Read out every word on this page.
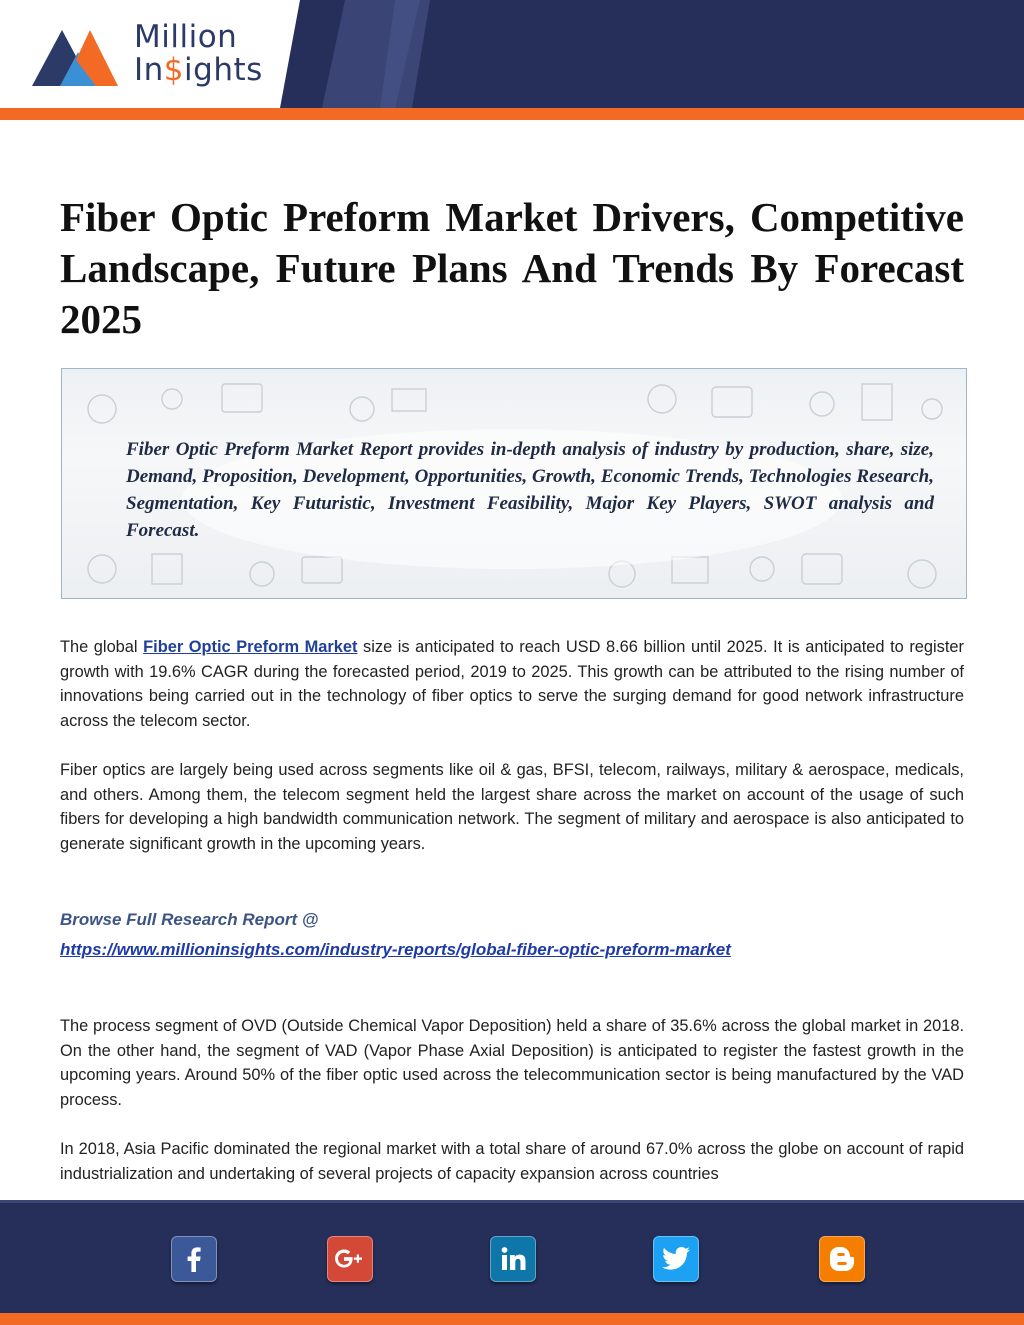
Million
In$ights
Fiber Optic Preform Market Drivers, Competitive Landscape, Future Plans And Trends By Forecast 2025
Fiber Optic Preform Market Report provides in-depth analysis of industry by production, share, size, Demand, Proposition, Development, Opportunities, Growth, Economic Trends, Technologies Research, Segmentation, Key Futuristic, Investment Feasibility, Major Key Players, SWOT analysis and Forecast.

The global Fiber Optic Preform Market size is anticipated to reach USD 8.66 billion until 2025. It is anticipated to register growth with 19.6% CAGR during the forecasted period, 2019 to 2025. This growth can be attributed to the rising number of innovations being carried out in the technology of fiber optics to serve the surging demand for good network infrastructure across the telecom sector.

Fiber optics are largely being used across segments like oil & gas, BFSI, telecom, railways, military & aerospace, medicals, and others. Among them, the telecom segment held the largest share across the market on account of the usage of such fibers for developing a high bandwidth communication network. The segment of military and aerospace is also anticipated to generate significant growth in the upcoming years.

Browse Full Research Report @
https://www.millioninsights.com/industry-reports/global-fiber-optic-preform-market

The process segment of OVD (Outside Chemical Vapor Deposition) held a share of 35.6% across the global market in 2018. On the other hand, the segment of VAD (Vapor Phase Axial Deposition) is anticipated to register the fastest growth in the upcoming years. Around 50% of the fiber optic used across the telecommunication sector is being manufactured by the VAD process.

In 2018, Asia Pacific dominated the regional market with a total share of around 67.0% across the globe on account of rapid industrialization and undertaking of several projects of capacity expansion across countries
